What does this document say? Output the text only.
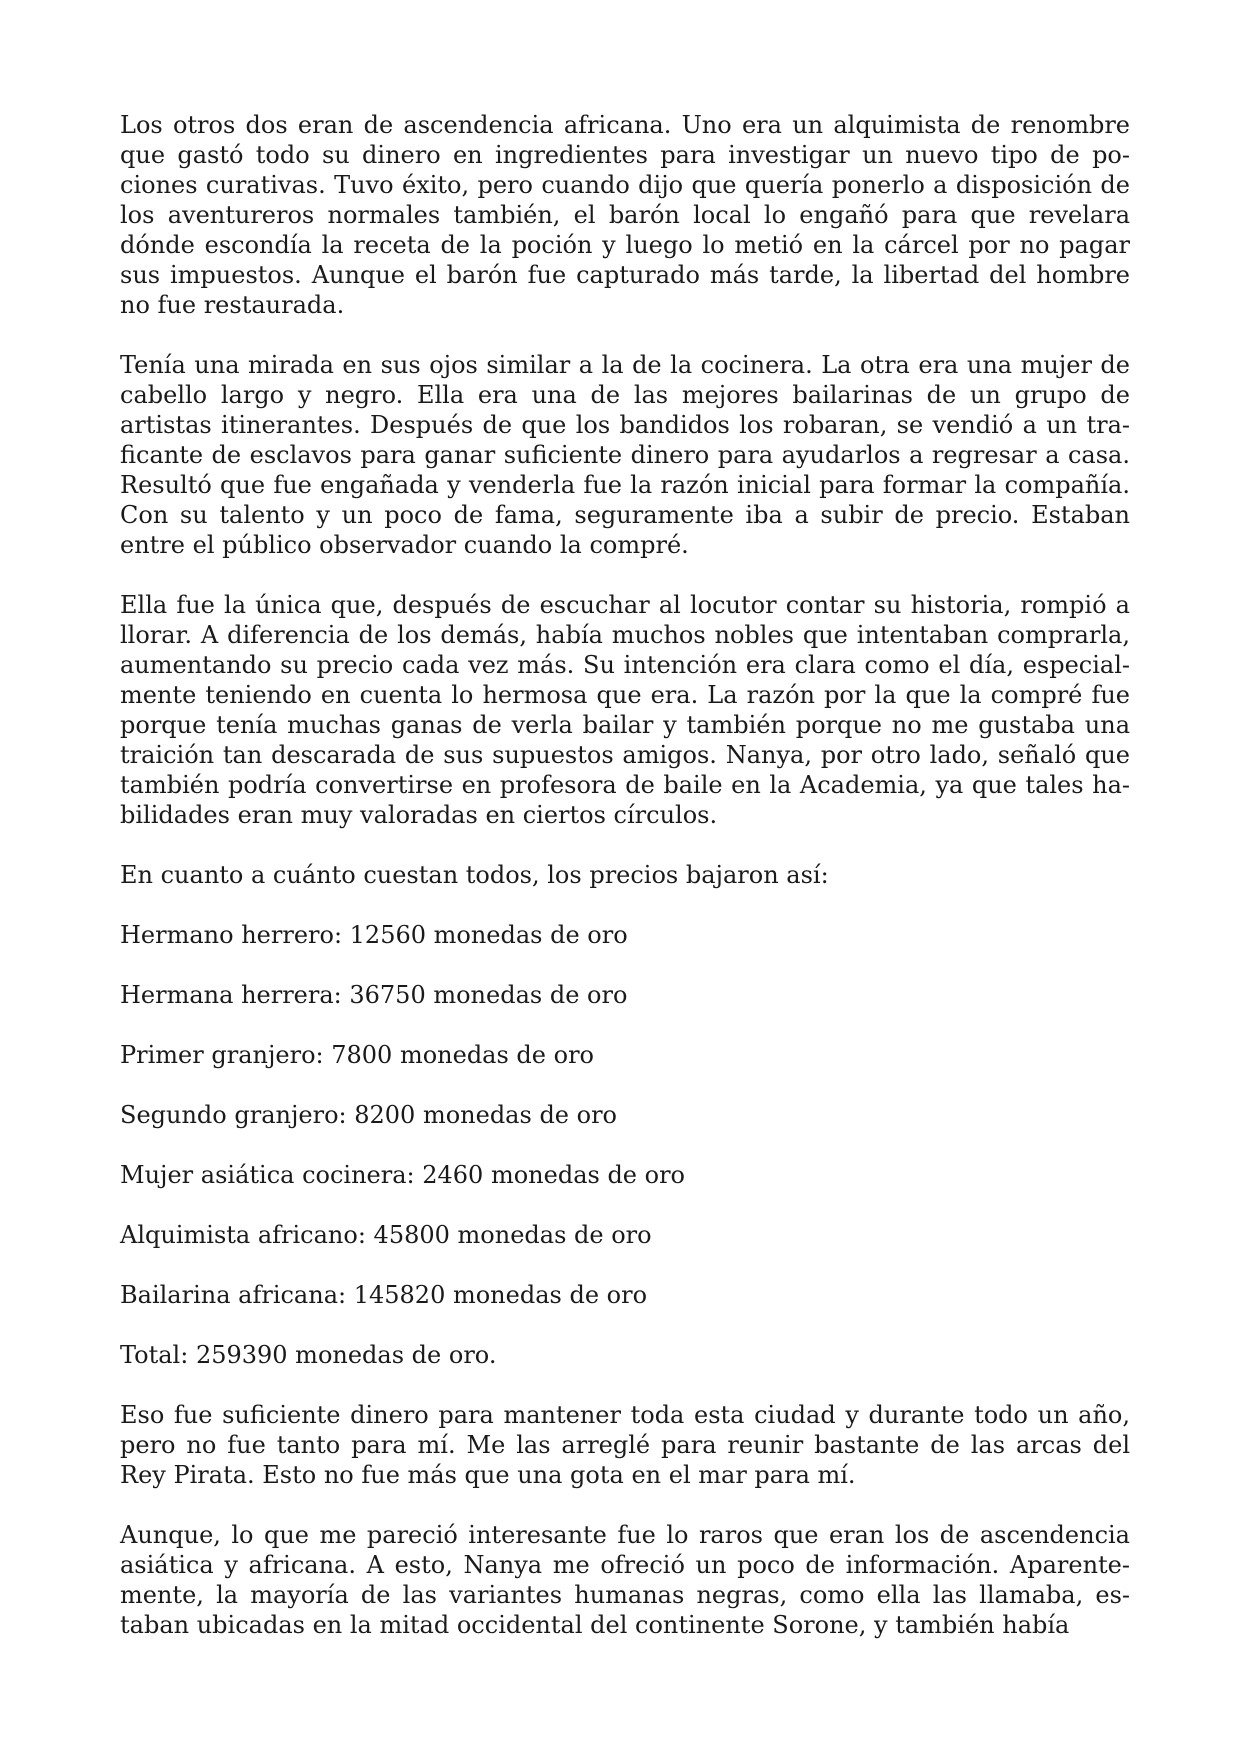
Los otros dos eran de ascendencia africana. Uno era un alquimista de renombre que gastó todo su dinero en ingredientes para investigar un nuevo tipo de pociones curativas. Tuvo éxito, pero cuando dijo que quería ponerlo a disposición de los aventureros normales también, el barón local lo engañó para que revelara dónde escondía la receta de la poción y luego lo metió en la cárcel por no pagar sus impuestos. Aunque el barón fue capturado más tarde, la libertad del hombre no fue restaurada.

Tenía una mirada en sus ojos similar a la de la cocinera. La otra era una mujer de cabello largo y negro. Ella era una de las mejores bailarinas de un grupo de artistas itinerantes. Después de que los bandidos los robaran, se vendió a un traficante de esclavos para ganar suficiente dinero para ayudarlos a regresar a casa. Resultó que fue engañada y venderla fue la razón inicial para formar la compañía. Con su talento y un poco de fama, seguramente iba a subir de precio. Estaban entre el público observador cuando la compré.

Ella fue la única que, después de escuchar al locutor contar su historia, rompió a llorar. A diferencia de los demás, había muchos nobles que intentaban comprarla, aumentando su precio cada vez más. Su intención era clara como el día, especialmente teniendo en cuenta lo hermosa que era. La razón por la que la compré fue porque tenía muchas ganas de verla bailar y también porque no me gustaba una traición tan descarada de sus supuestos amigos. Nanya, por otro lado, señaló que también podría convertirse en profesora de baile en la Academia, ya que tales habilidades eran muy valoradas en ciertos círculos.

En cuanto a cuánto cuestan todos, los precios bajaron así:

Hermano herrero: 12560 monedas de oro

Hermana herrera: 36750 monedas de oro

Primer granjero: 7800 monedas de oro

Segundo granjero: 8200 monedas de oro

Mujer asiática cocinera: 2460 monedas de oro

Alquimista africano: 45800 monedas de oro

Bailarina africana: 145820 monedas de oro

Total: 259390 monedas de oro.

Eso fue suficiente dinero para mantener toda esta ciudad y durante todo un año, pero no fue tanto para mí. Me las arreglé para reunir bastante de las arcas del Rey Pirata. Esto no fue más que una gota en el mar para mí.

Aunque, lo que me pareció interesante fue lo raros que eran los de ascendencia asiática y africana. A esto, Nanya me ofreció un poco de información. Aparentemente, la mayoría de las variantes humanas negras, como ella las llamaba, estaban ubicadas en la mitad occidental del continente Sorone, y también había
